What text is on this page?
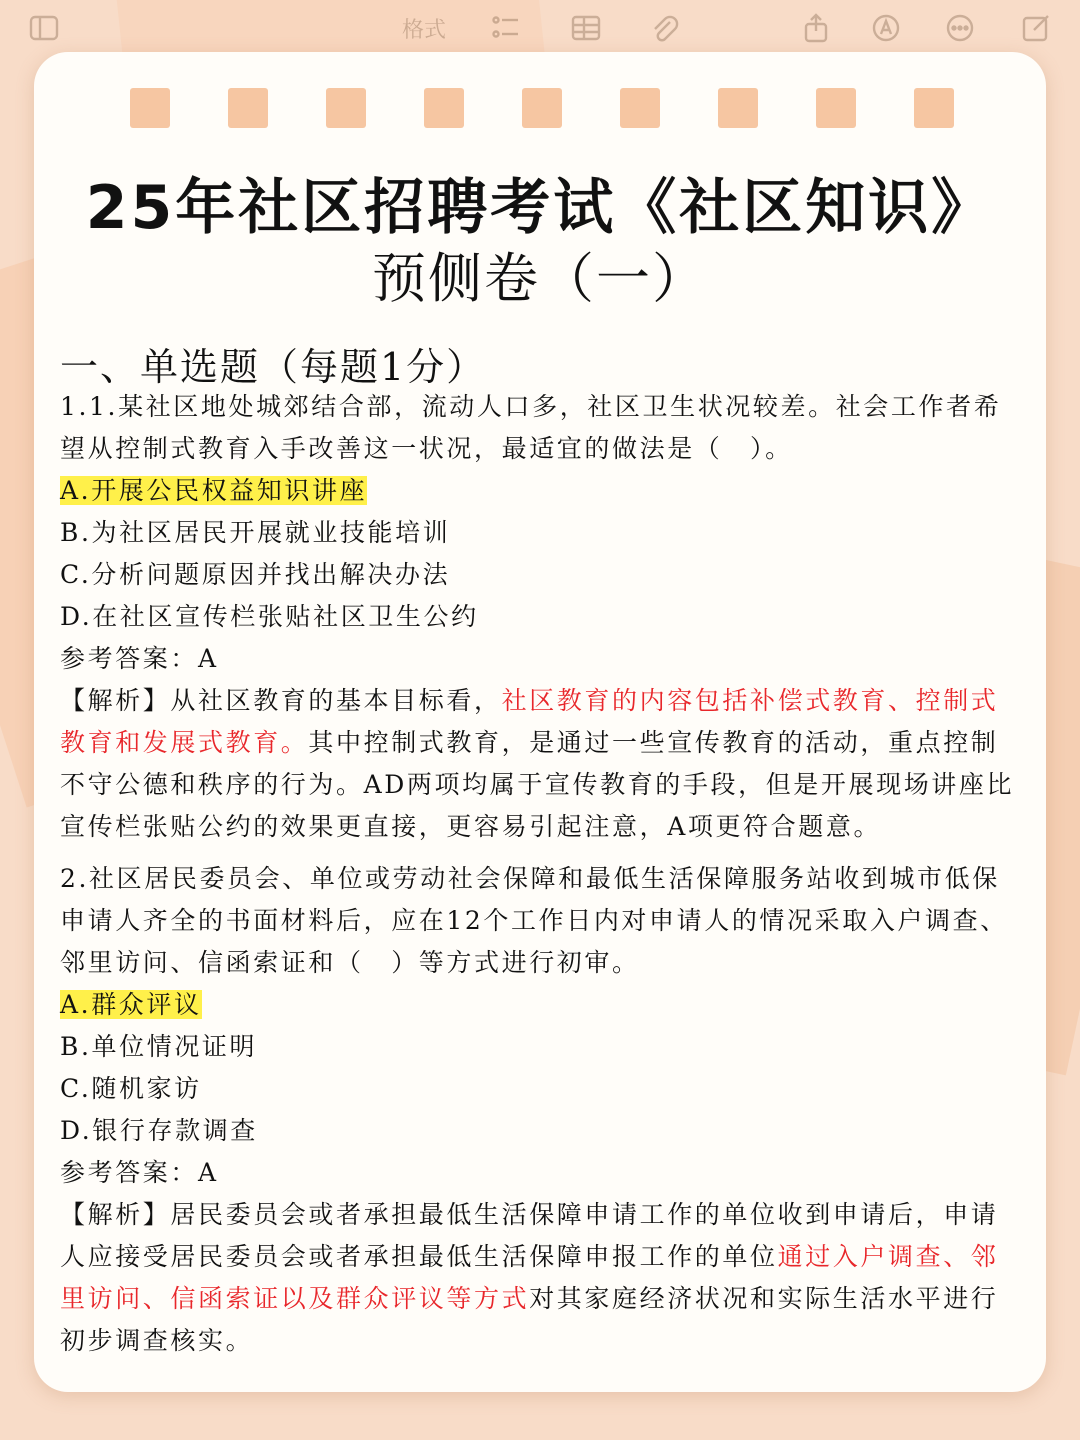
格式
25年社区招聘考试《社区知识》
预侧卷（一）
一、单选题（每题1分）
1.1.某社区地处城郊结合部，流动人口多，社区卫生状况较差。社会工作者希
望从控制式教育入手改善这一状况，最适宜的做法是（　）。
A.开展公民权益知识讲座
B.为社区居民开展就业技能培训
C.分析问题原因并找出解决办法
D.在社区宣传栏张贴社区卫生公约
参考答案：A
【解析】从社区教育的基本目标看，社区教育的内容包括补偿式教育、控制式
教育和发展式教育。其中控制式教育，是通过一些宣传教育的活动，重点控制
不守公德和秩序的行为。AD两项均属于宣传教育的手段，但是开展现场讲座比
宣传栏张贴公约的效果更直接，更容易引起注意，A项更符合题意。
2.社区居民委员会、单位或劳动社会保障和最低生活保障服务站收到城市低保
申请人齐全的书面材料后，应在12个工作日内对申请人的情况采取入户调查、
邻里访问、信函索证和（　）等方式进行初审。
A.群众评议
B.单位情况证明
C.随机家访
D.银行存款调查
参考答案：A
【解析】居民委员会或者承担最低生活保障申请工作的单位收到申请后，申请
人应接受居民委员会或者承担最低生活保障申报工作的单位通过入户调查、邻
里访问、信函索证以及群众评议等方式对其家庭经济状况和实际生活水平进行
初步调查核实。
